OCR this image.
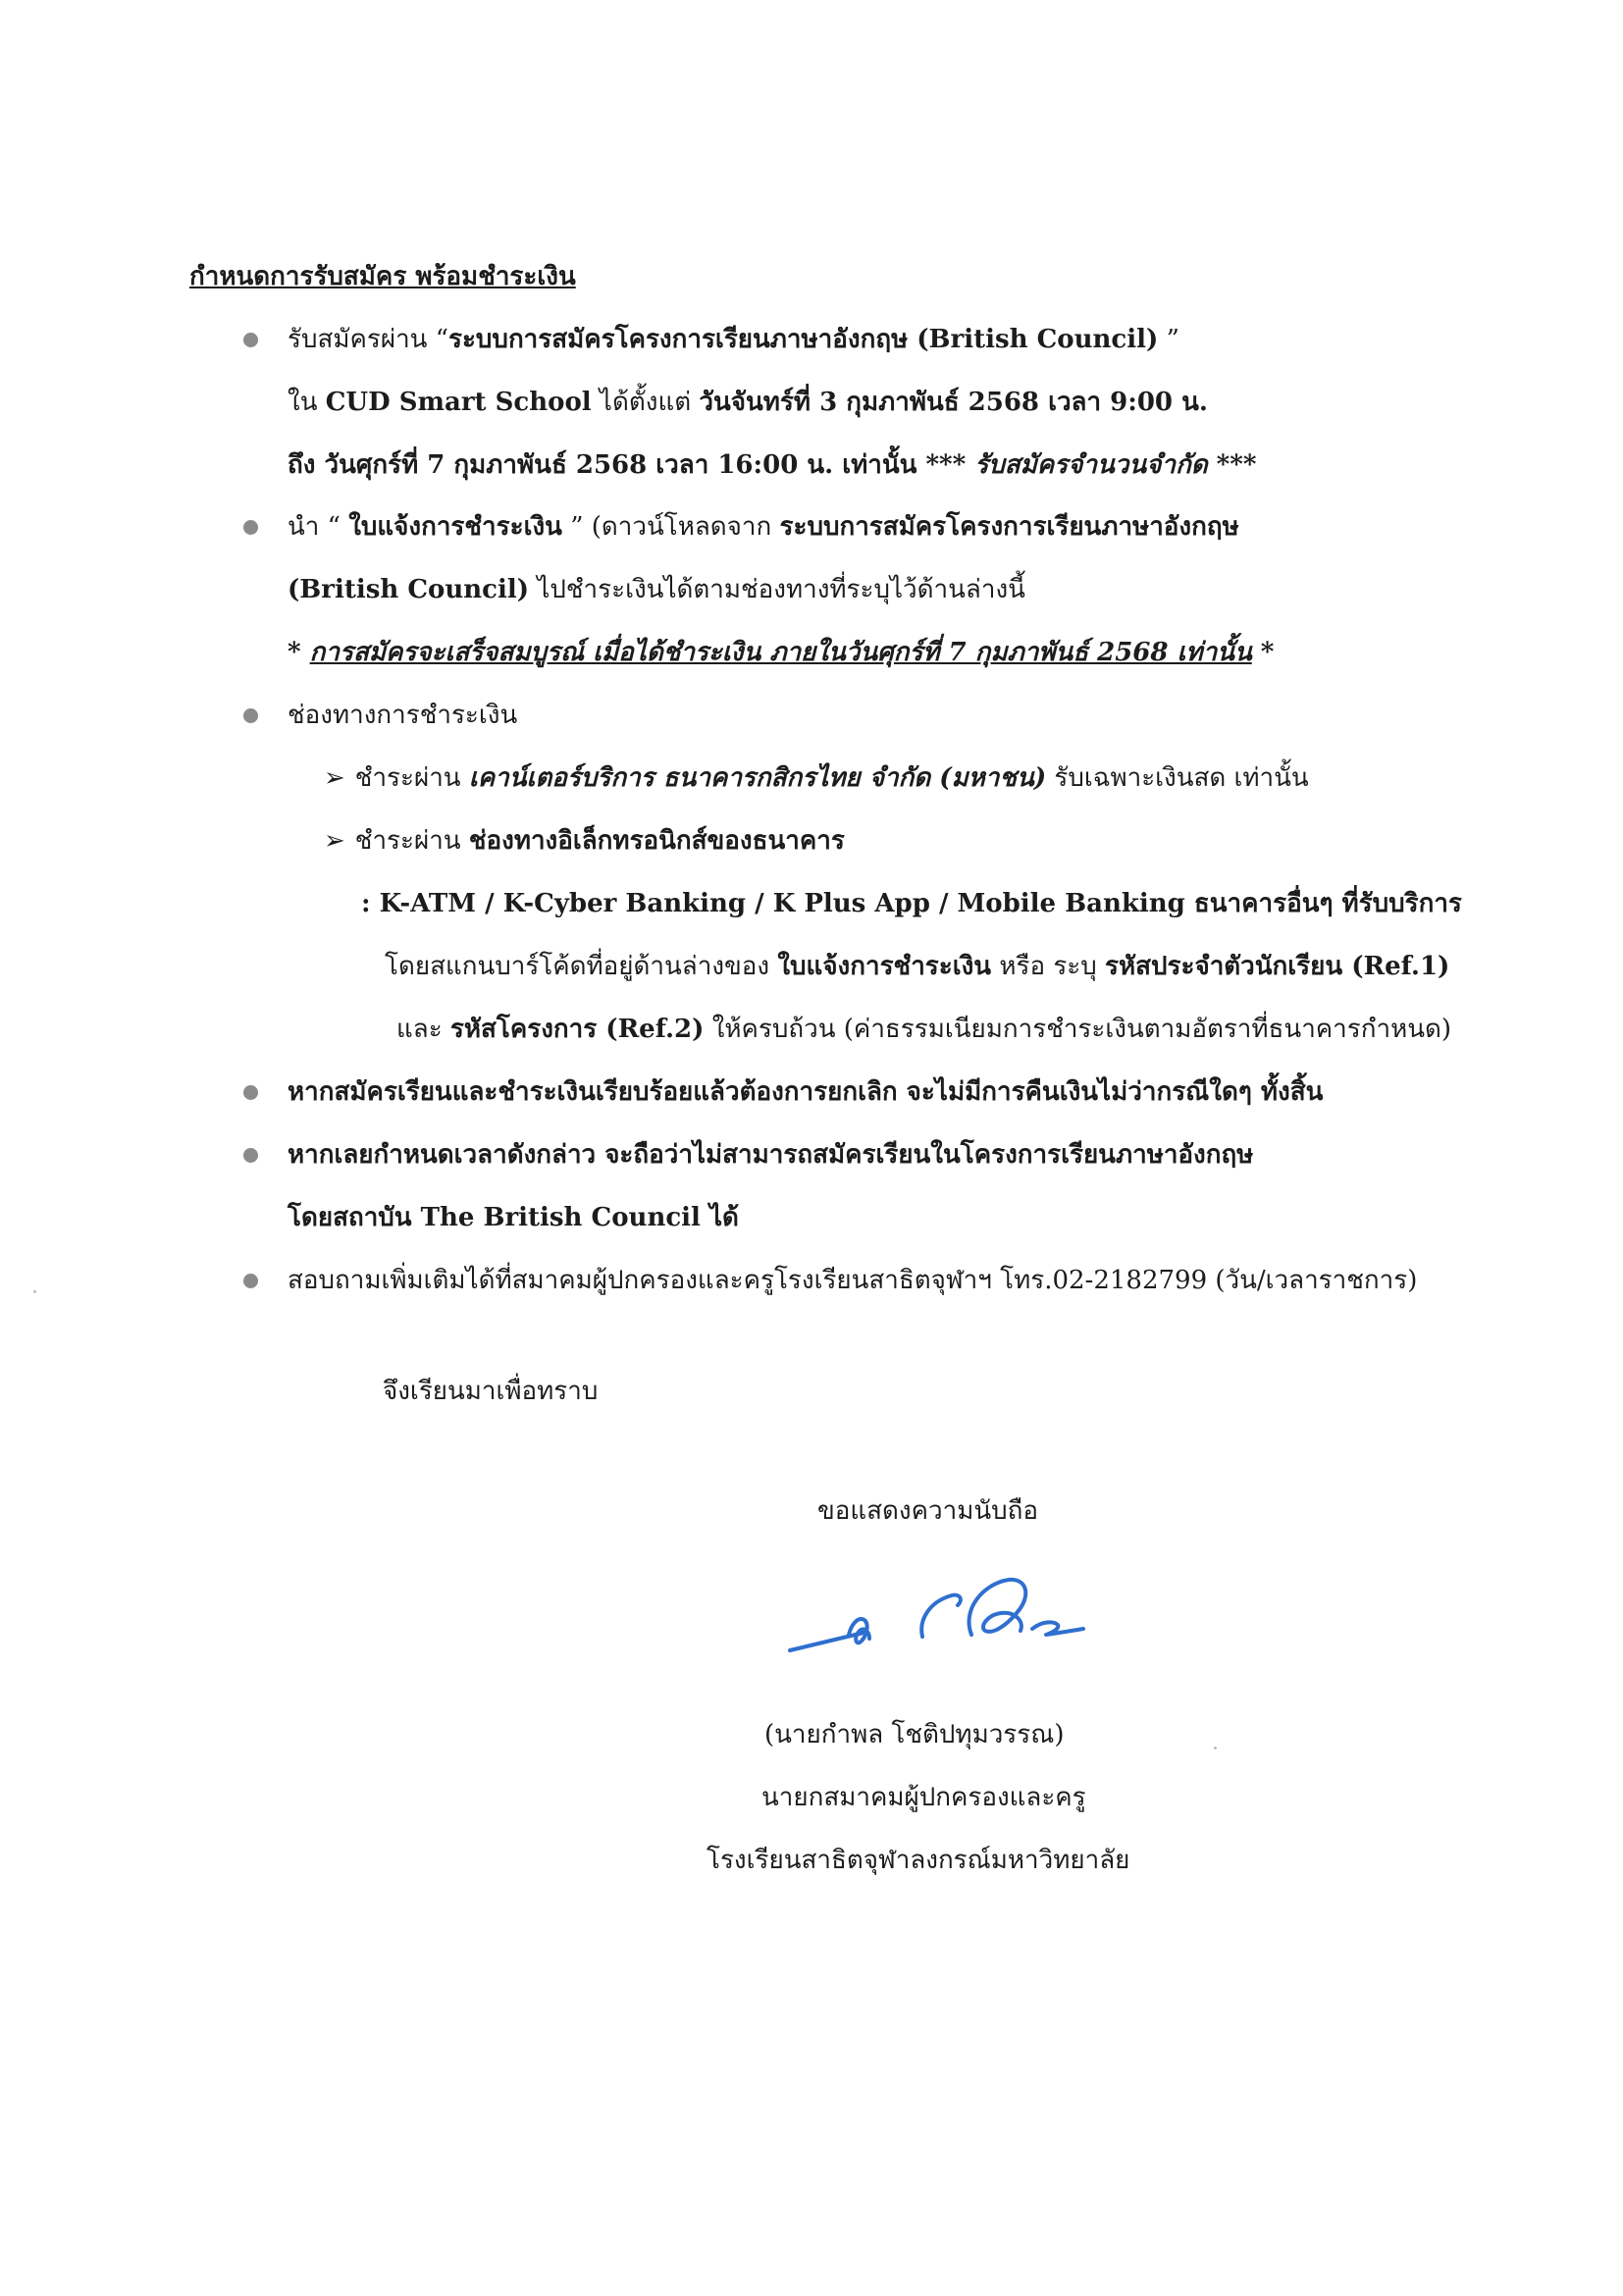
กำหนดการรับสมัคร พร้อมชำระเงิน
รับสมัครผ่าน “ระบบการสมัครโครงการเรียนภาษาอังกฤษ (British Council) ”
ใน CUD Smart School ได้ตั้งแต่ วันจันทร์ที่ 3 กุมภาพันธ์ 2568 เวลา 9:00 น.
ถึง วันศุกร์ที่ 7 กุมภาพันธ์ 2568 เวลา 16:00 น. เท่านั้น *** รับสมัครจำนวนจำกัด ***
นำ “ ใบแจ้งการชำระเงิน ” (ดาวน์โหลดจาก ระบบการสมัครโครงการเรียนภาษาอังกฤษ
(British Council) ไปชำระเงินได้ตามช่องทางที่ระบุไว้ด้านล่างนี้
* การสมัครจะเสร็จสมบูรณ์ เมื่อได้ชำระเงิน ภายในวันศุกร์ที่ 7 กุมภาพันธ์ 2568 เท่านั้น *
ช่องทางการชำระเงิน
➢ ชำระผ่าน เคาน์เตอร์บริการ ธนาคารกสิกรไทย จำกัด (มหาชน) รับเฉพาะเงินสด เท่านั้น
➢ ชำระผ่าน ช่องทางอิเล็กทรอนิกส์ของธนาคาร
: K-ATM / K-Cyber Banking / K Plus App / Mobile Banking ธนาคารอื่นๆ ที่รับบริการ
โดยสแกนบาร์โค้ดที่อยู่ด้านล่างของ ใบแจ้งการชำระเงิน หรือ ระบุ รหัสประจำตัวนักเรียน (Ref.1)
และ รหัสโครงการ (Ref.2) ให้ครบถ้วน (ค่าธรรมเนียมการชำระเงินตามอัตราที่ธนาคารกำหนด)
หากสมัครเรียนและชำระเงินเรียบร้อยแล้วต้องการยกเลิก จะไม่มีการคืนเงินไม่ว่ากรณีใดๆ ทั้งสิ้น
หากเลยกำหนดเวลาดังกล่าว จะถือว่าไม่สามารถสมัครเรียนในโครงการเรียนภาษาอังกฤษ
โดยสถาบัน The British Council ได้
สอบถามเพิ่มเติมได้ที่สมาคมผู้ปกครองและครูโรงเรียนสาธิตจุฬาฯ โทร.02-2182799 (วัน/เวลาราชการ)
จึงเรียนมาเพื่อทราบ
ขอแสดงความนับถือ
(นายกำพล โชติปทุมวรรณ)
นายกสมาคมผู้ปกครองและครู
โรงเรียนสาธิตจุฬาลงกรณ์มหาวิทยาลัย
